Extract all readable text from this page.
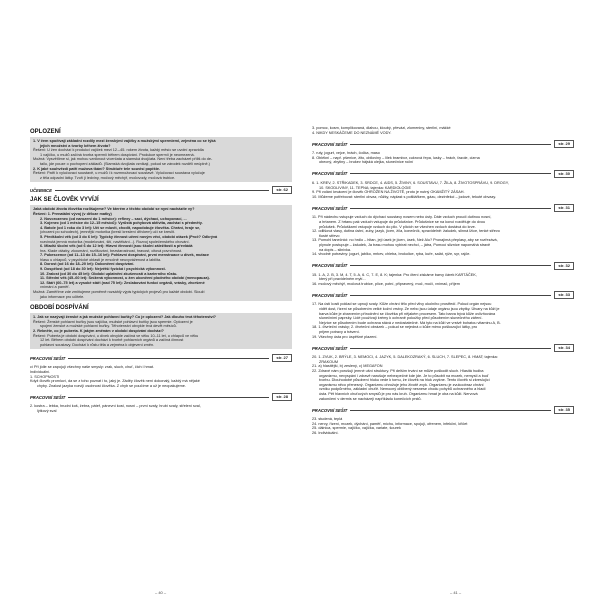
OPLOZENÍ

1. V čem spočívají základní rozdíly mezi ženskými vajíčky a mužskými spermiemi, zejména co se týká

jejich množství a tvorby během života?

Řešení: U žen dochází k produkci vajíček mezi 12.–45. rokem života, každý měsíc se uvolní zpravidla

1 vajíčko, u mužů začíná tvorba spermií během dospívání. Produkce spermií je neomezená.

Možná: Vysvětlíme si, jak mohou vzniknout vícerčata a siamská dvojčata. Není třeba zacházet příliš do de-

tailu, jde pouze o pochopení základů. (Siamská dvojčata vznikají, pokud se zárodek rozdělí neúplně.)

2. K jaké souhvězdí patří mužova tkání? Struktuře tele souvisí popište.

Řešení: Patří k vylučovací soustavě, u mužů i k rozmnožovací soustavě. Vylučovací soustava vylučuje

z těla odpadní látky. Tvoří ji ledviny, močový měchýř, močovody, močová trubice.

UČEBNICE	str. 62
JAK SE ČLOVĚK VYVÍJÍ

Jaká období života člověka rozlišujeme? Ve kterém z těchto období se nyní nacházíte vy?

Řešení: 1. Prenatální vývoj (v děloze matky)

2. Novorozenec (od narození do 1 měsíce): reflexy – sací, dýchací, uchopovací, ...

3. Kojenec (od 1 měsíce do 12–15 měsíců): Vyrůstá pohybová aktivita, zachází s předměty.

4. Batole (od 1 roku do 3 let): Učí se mluvit, chodit, napodobuje člověka. Chrání, hraje se,

(chozeni po schodech), jemnější motorika (kreslí kreslení dřívkem) učí se kreslit.

5. Předškolní věk (od 3 do 6 let): Typicky činnost učení novým věcí, období otázek (Proč? Odkrývá

rozvinutá jemná motorika (modelování, šití, navlékání...). Rozvoj společenského chování.

6. Mladší školní věk (od 6 do 12 let): Hlavní činností jsou školní záležitosti a převládá

hra. Klade otázky, zkoumání, rozlišování, bezstarostnost, hravost, citová povrchnost.

7. Pubescence (od 11–13 do 15–16 let): Pohlavní dospívání, první menstruace u dívek, mutace

hlasu u chlapců, v psychické oblasti je emočně neuvyváženost a labilita.

8. Dorost (od 16 do 18–20 let): Dokončení dospívání.

9. Dospělost (od 18 do 30 let): Největší fyzická i psychická výkonnost.

10. Zralost (od 30 do 45 let): Období uplatnění zkušeností a karierního růstu.

11. Střední věk (45–60 let): Snížená výkonnost, u žen ukončení plodného období (menopauza).

12. Stáří (60–75 let) a vysoké stáří (nad 75 let): Zeslabování funkcí orgánů, vrásky, zhoršené

vnímání a paměť.

Možná: Zaměříme zde zmiňujeme poměrně rozsáhlý výpis typických projevů pro každé období. Slouží

jako informace pro učitele.

OBDOBÍ DOSPÍVÁNÍ

1. Jak se nazývají ženské a jak mužské pohlavní buňky? Co je oplození? Jak dlouho trvá těhotenství?

Řešení: Ženské pohlavní buňky jsou vajíčka, mužské pohlavní buňky jsou spermie. Oplození je

spojení ženské a mužské pohlavní buňky. Těhotenství obvykle trvá devět měsíců.

2. Rekněte, co je puberta. K jakým změnám v období dospívání dochází?

Řešení: Puberta je období dospívání, u dívek obvykle začíná ve věku 10–11 let, u chlapců ve věku

12 let. Během období dospívání dochází k tvorbě pohlavních orgánů a začíná činnost

pohlavní soustavy. Dochází k růstu těla a zejména k objevení změn.

PRACOVNÍ SEŠIT	str. 27

cí Při jídle se zapojují všechny naše smysly: zrak, sluch, chuť, čich i hmat.

Individuální.

1. SCHOPNOSTI

Když člověk promluví, da se z toho poznat i to, jaký je. Záděy člověk není dokonalý, každý má nějaké

chyby. Znalost jazyka rozvíjí osobnost člověka. Z chyb se poučíme a už je neopakujeme.

PRACOVNÍ SEŠIT	str. 28

2. kostra – lebka, hrudní koš, žebra, páteř, pánevní kost, nosní – první svaly, hrubí svaly, střelení sval,

lýtkový sval

3. pomoc, kosm, komplikovaná, dlahou, kloubý, převázi, zlomeniny, sterilní, mákké

4. NIKDY NESKÁČEME DO NEZNÁMÉ VODY.

PRACOVNÍ SEŠIT	str. 29

7. ruty, jogurt, vejce, hrách, čočka, maso

8. Oblékni – např. pšenice, žito, obiloviny – lilek brambor, cukrová řepa, lusky – hrách, fazole, cizrna

obecný, zbytiny – brukev hájská olejka, slunečnice roční

PRACOVNÍ SEŠIT	str. 30

6. 1. KREV, 2. STŘIKADEK, 3. SRDCE, 4. AIDS, 5. ŽIVINY, 6. SOUSTAVU, 7. ŽILA, 8. ŽIVOTOSPRÁVU, 9. DROGY,

10. SKODLIVINY, 11. TEPNA; tajenka: KARDIOLOGIE

9. Při volání krvácení je člověk OHROŽEN NA ŽIVOTĚ, proto je nutný OKAMŽITÝ ZÁSAH.

10. Můžeme potřebovat: sterilní obvaz, nůžky, náplast s polštářkem, gázu, dezinfekci – jodové, tekuté obvazy.

PRACOVNÍ SEŠIT	str. 31

11. Při nádechu vstupuje vzduch do dýchací soustavy nosem nebo ústy. Dále vzduch proudí dutinou nosní,

a hrtanem. Z hrtanu pak vzduch vstupuje do průdušnice. Průdušnice se na konci rozděluje do dvou

průdušek. Průduškami vstupuje vzduch do plic. V plicích se všechen vzduch dostává do krve.

12. odlišová vlasy, dutina ústní, zuby, jazyk, jícen, žíla, konečník, spravidelně: žaludek, slinná lžíce, tenké střevo

tlusté střevo

13. Pomohl tanečnici: no hrdlo – hltan, její úsek je jícen, úsek, Než Alu? Pronajímá přeplasy, aby se rozřezává,

plynule postupuje – žaludek, Ja trasu mohou vybírat nechci, – játra, Pomocí sliznice napomáhá stravě

na dopis – slinivka.

14. vhodné potraviny: jogurt, jablko, mrkev, chleba, brokolice, ryba, kuře, salát, rýže, syr, rajče.

PRACOVNÍ SEŠIT	str. 32

15. 1. A, 2. B, 3. M, 4. T, 5. A, 6. C, 7. E, 8. K; tajenka: Pro čtení získáme barvy čárek KARTÁČEK,

který při pravidelném mytí...

16. močový měchýř, močová trubice, plíce, potní, připravený, moč, močí, vnímač, příjem

PRACOVNÍ SEŠIT	str. 33

17. Na ústí kosti poklad se upnují svaly. Kůže chrání tělo před vlivy okolního prostředí. Pokud orgán nejsou

vidět dost, řízení se působením velké kožní vrstvy. Ze nebo jsou údaje orgánu jsou zbytky. Útvary na kůži je

barva kůže je zbarvením přírodnění se člověka při nějakém procesem. Tato barva bývá kůže ovlivňována

slunečními paprsky. Lidé používají krémy k ochraně pokožky před působením slunečného záření.

Nejvíce se působením bude ochrana stává z nedostatečné. Má tyto na kůži ve vrstvě bohatou vitaminu A, B.

18. 1. čtvrteční vrásky; 2. čtvrteční obrázek – pokud se nejedná o kůže mimo poškozující látky, pro

prijem potravy a trávení.

19. Všechny ústa pro úspěšné plazení.

PRACOVNÍ SEŠIT	str. 34

20. 1. ZVUK, 2. BRÝLE, 3. NEMOCI, 4. JAZYK, 5. DALEKOZRAKÝ, 6. SLUCH, 7. SLEPEC, 8. HMAT; tajenka:

ZRAKOUM

21. a) hlasitější, b) zeslený, c) MEGAFON

22. Zdravé nám porušují jemné ušní struktury. Při delším trvání se může poškodit sluch. Hlasitá hudba

organizmu, nevyspání i zdravě narušuje nebezpečné kde jde. Je to působit na mozek, nemyslí a buď

tvorbu. Dlouhodobé působení hluku vede k tomu, že člověk na hluk zvykne. Tento člověk si zkreslující

organismu něco přenesný. Organizmu ohrožuje jeho životě zvyk. Organizmu je zvukoobraz chrání

vzniku podpůrného, základní chuťě. Nemocný oblíbený nesnese chodu pohybů ochranného a hladí

ústa. Pět hlavních chuťových smyslů je pro nás kruh. Organizmu hmat je oba na kůži. Nervová

zakončení v dermis se nacházejí napříkladu konečcích prstů.

PRACOVNÍ SEŠIT	str. 35

23. studená, teplá

24. nervy, řízení, mozek, dýchání, paměť, míchu, informace, spojují, ofrenem, infekční, křičet

25. dálnica, spermie, vajíčko, vajíčka, variate, šourek

26. Individuální.

– 40 –	– 41 –
